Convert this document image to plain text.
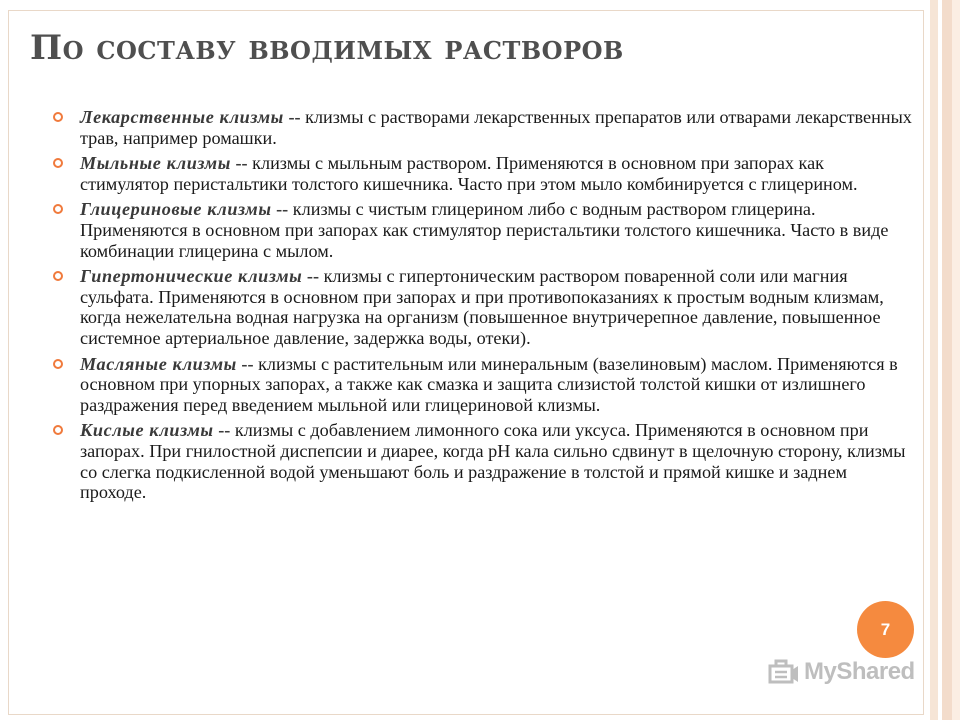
По составу вводимых растворов
Лекарственные клизмы -- клизмы с растворами лекарственных препаратов или отварами лекарственных трав, например ромашки.
Мыльные клизмы -- клизмы с мыльным раствором. Применяются в основном при запорах как стимулятор перистальтики толстого кишечника. Часто при этом мыло комбинируется с глицерином.
Глицериновые клизмы -- клизмы с чистым глицерином либо с водным раствором глицерина. Применяются в основном при запорах как стимулятор перистальтики толстого кишечника. Часто в виде комбинации глицерина с мылом.
Гипертонические клизмы -- клизмы с гипертоническим раствором поваренной соли или магния сульфата. Применяются в основном при запорах и при противопоказаниях к простым водным клизмам, когда нежелательна водная нагрузка на организм (повышенное внутричерепное давление, повышенное системное артериальное давление, задержка воды, отеки).
Масляные клизмы -- клизмы с растительным или минеральным (вазелиновым) маслом. Применяются в основном при упорных запорах, а также как смазка и защита слизистой толстой кишки от излишнего раздражения перед введением мыльной или глицериновой клизмы.
Кислые клизмы -- клизмы с добавлением лимонного сока или уксуса. Применяются в основном при запорах. При гнилостной диспепсии и диарее, когда pH кала сильно сдвинут в щелочную сторону, клизмы со слегка подкисленной водой уменьшают боль и раздражение в толстой и прямой кишке и заднем проходе.
7
MyShared
